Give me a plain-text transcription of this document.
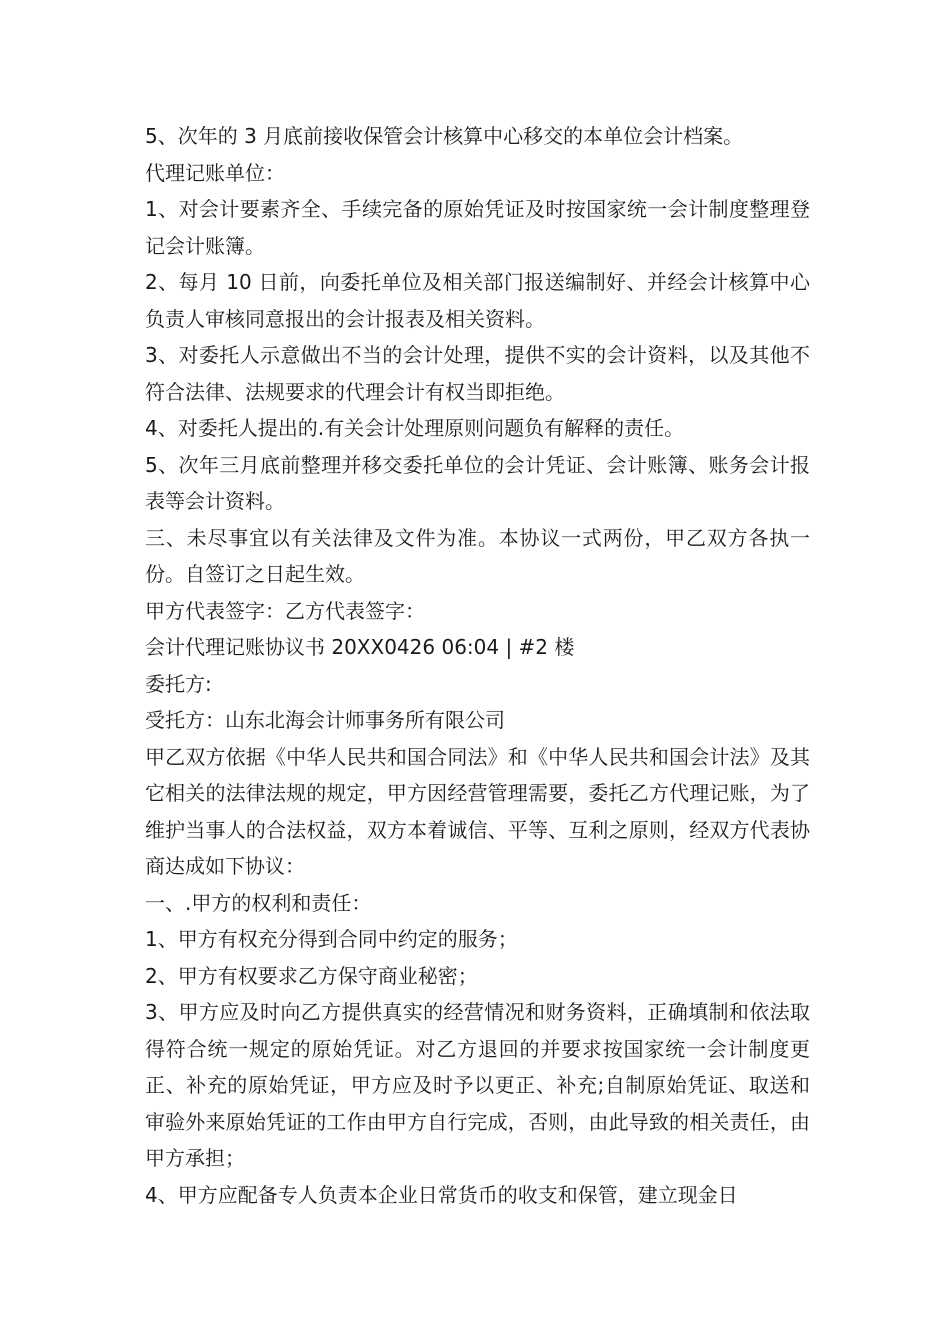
5、次年的 3 月底前接收保管会计核算中心移交的本单位会计档案。

代理记账单位：

1、对会计要素齐全、手续完备的原始凭证及时按国家统一会计制度整理登记会计账簿。

2、每月 10 日前，向委托单位及相关部门报送编制好、并经会计核算中心负责人审核同意报出的会计报表及相关资料。

3、对委托人示意做出不当的会计处理，提供不实的会计资料，以及其他不符合法律、法规要求的代理会计有权当即拒绝。

4、对委托人提出的.有关会计处理原则问题负有解释的责任。

5、次年三月底前整理并移交委托单位的会计凭证、会计账簿、账务会计报表等会计资料。

三、未尽事宜以有关法律及文件为准。本协议一式两份，甲乙双方各执一份。自签订之日起生效。

甲方代表签字：乙方代表签字：

会计代理记账协议书 20XX0426 06:04 | #2 楼

委托方:

受托方：山东北海会计师事务所有限公司

甲乙双方依据《中华人民共和国合同法》和《中华人民共和国会计法》及其它相关的法律法规的规定，甲方因经营管理需要，委托乙方代理记账，为了维护当事人的合法权益，双方本着诚信、平等、互利之原则，经双方代表协商达成如下协议：

一、.甲方的权利和责任：

1、甲方有权充分得到合同中约定的服务；

2、甲方有权要求乙方保守商业秘密；

3、甲方应及时向乙方提供真实的经营情况和财务资料，正确填制和依法取得符合统一规定的原始凭证。对乙方退回的并要求按国家统一会计制度更正、补充的原始凭证，甲方应及时予以更正、补充;自制原始凭证、取送和审验外来原始凭证的工作由甲方自行完成，否则，由此导致的相关责任，由甲方承担；

4、甲方应配备专人负责本企业日常货币的收支和保管，建立现金日
